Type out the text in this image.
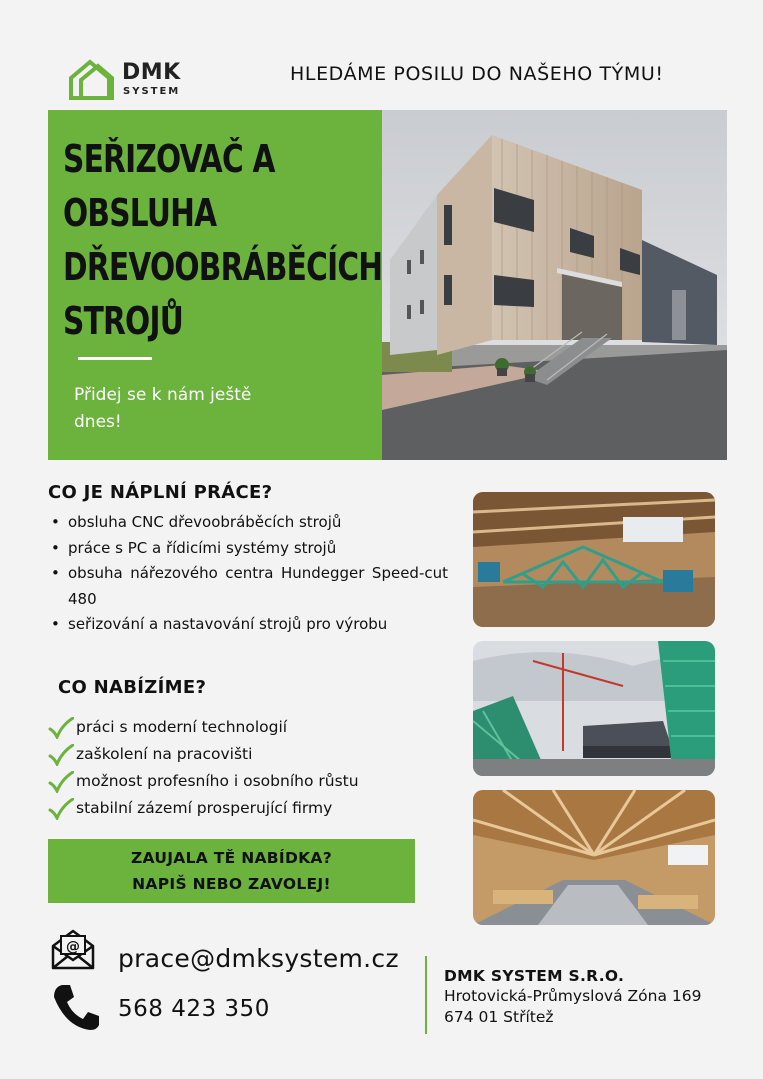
DMK
SYSTEM
HLEDÁME POSILU DO NAŠEHO TÝMU!
SEŘIZOVAČ A
OBSLUHA
DŘEVOOBRÁBĚCÍCH
STROJŮ
Přidej se k nám ještě
dnes!
CO JE NÁPLNÍ PRÁCE?
• obsluha CNC dřevoobráběcích strojů
• práce s PC a řídicími systémy strojů
• obsuha nářezového centra Hundegger Speed-cut 480
• seřizování a nastavování strojů pro výrobu
CO NABÍZÍME?
práci s moderní technologií
zaškolení na pracovišti
možnost profesního i osobního růstu
stabilní zázemí prosperující firmy
ZAUJALA TĚ NABÍDKA?
NAPIŠ NEBO ZAVOLEJ!
@ prace@dmksystem.cz
568 423 350
DMK SYSTEM S.R.O.
Hrotovická-Průmyslová Zóna 169
674 01 Střítež
